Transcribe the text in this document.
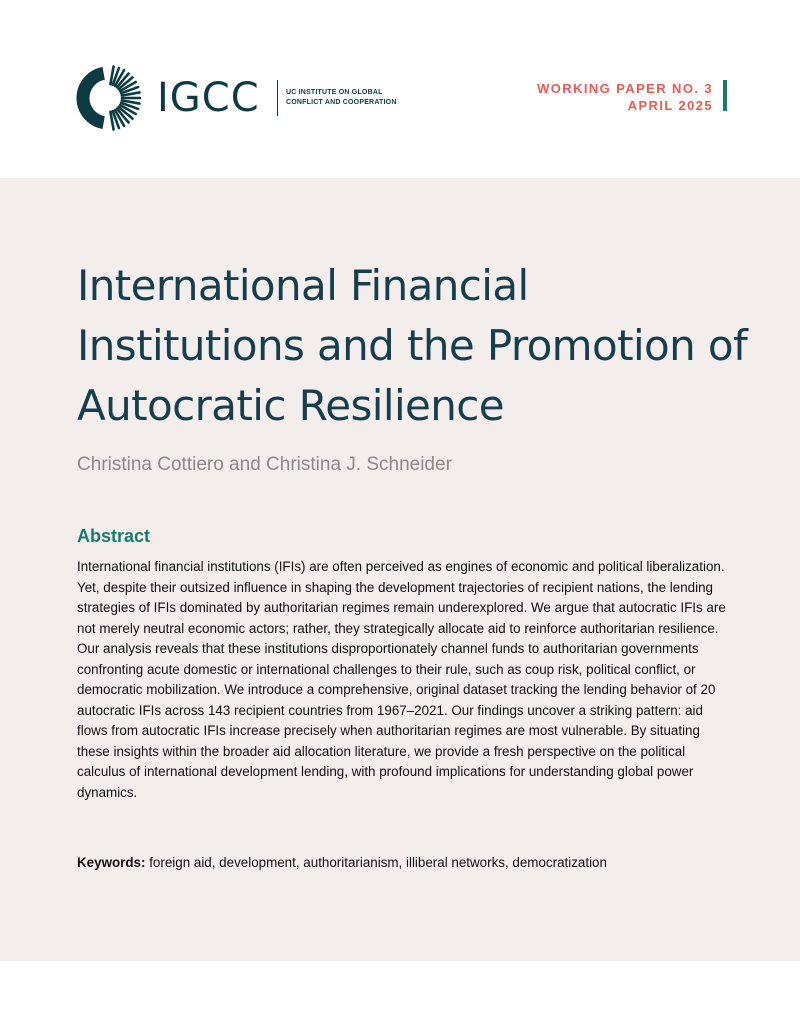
IGCC	UC INSTITUTE ON GLOBAL
CONFLICT AND COOPERATION
WORKING PAPER NO. 3
APRIL 2025
International Financial Institutions and the Promotion of Autocratic Resilience
Christina Cottiero and Christina J. Schneider
Abstract

International financial institutions (IFIs) are often perceived as engines of economic and political liberalization. Yet, despite their outsized influence in shaping the development trajectories of recipient nations, the lending strategies of IFIs dominated by authoritarian regimes remain underexplored. We argue that autocratic IFIs are not merely neutral economic actors; rather, they strategically allocate aid to reinforce authoritarian resilience. Our analysis reveals that these institutions disproportionately channel funds to authoritarian governments confronting acute domestic or international challenges to their rule, such as coup risk, political conflict, or democratic mobilization. We introduce a comprehensive, original dataset tracking the lending behavior of 20 autocratic IFIs across 143 recipient countries from 1967–2021. Our findings uncover a striking pattern: aid flows from autocratic IFIs increase precisely when authoritarian regimes are most vulnerable. By situating these insights within the broader aid allocation literature, we provide a fresh perspective on the political calculus of international development lending, with profound implications for understanding global power dynamics.

Keywords: foreign aid, development, authoritarianism, illiberal networks, democratization
